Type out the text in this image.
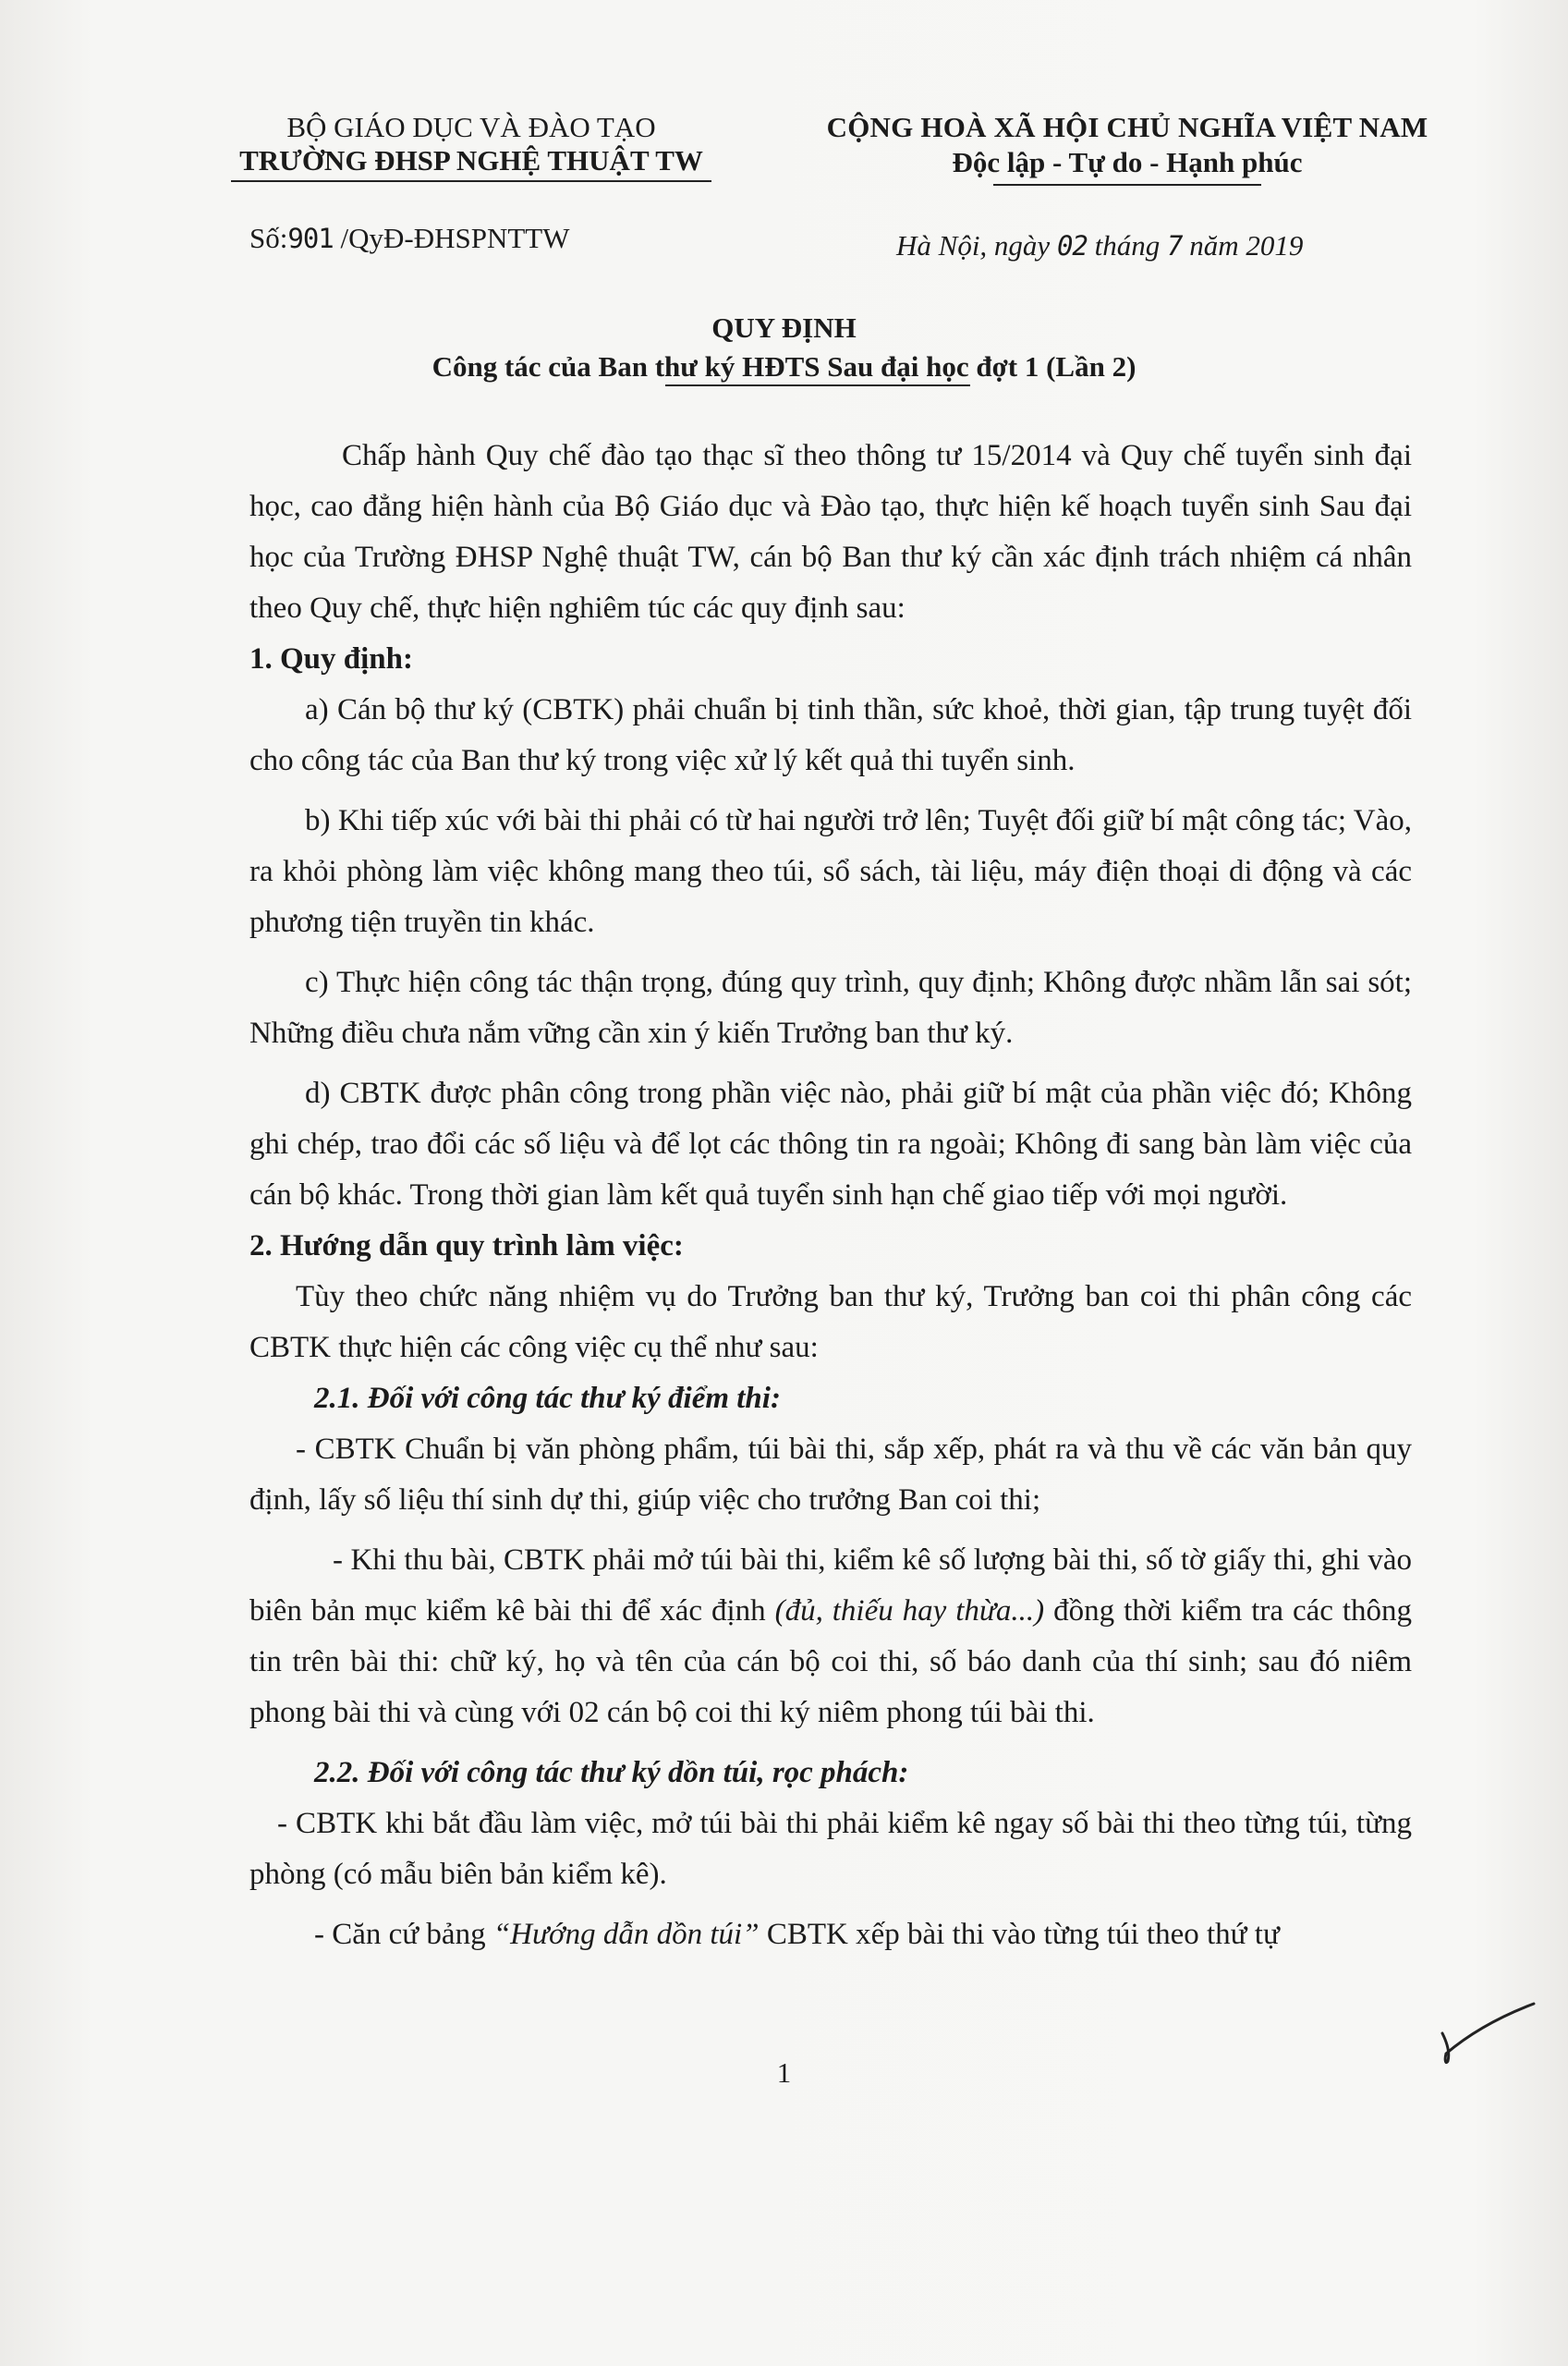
BỘ GIÁO DỤC VÀ ĐÀO TẠO
TRƯỜNG ĐHSP NGHỆ THUẬT TW
CỘNG HOÀ XÃ HỘI CHỦ NGHĨA VIỆT NAM
Độc lập - Tự do - Hạnh phúc
Số:901 /QyĐ-ĐHSPNTTW	Hà Nội, ngày 02 tháng 7 năm 2019
QUY ĐỊNH
Công tác của Ban thư ký HĐTS Sau đại học đợt 1 (Lần 2)

Chấp hành Quy chế đào tạo thạc sĩ theo thông tư 15/2014 và Quy chế tuyển sinh đại học, cao đẳng hiện hành của Bộ Giáo dục và Đào tạo, thực hiện kế hoạch tuyển sinh Sau đại học của Trường ĐHSP Nghệ thuật TW, cán bộ Ban thư ký cần xác định trách nhiệm cá nhân theo Quy chế, thực hiện nghiêm túc các quy định sau:

1. Quy định:

a) Cán bộ thư ký (CBTK) phải chuẩn bị tinh thần, sức khoẻ, thời gian, tập trung tuyệt đối cho công tác của Ban thư ký trong việc xử lý kết quả thi tuyển sinh.

b) Khi tiếp xúc với bài thi phải có từ hai người trở lên; Tuyệt đối giữ bí mật công tác; Vào, ra khỏi phòng làm việc không mang theo túi, sổ sách, tài liệu, máy điện thoại di động và các phương tiện truyền tin khác.

c) Thực hiện công tác thận trọng, đúng quy trình, quy định; Không được nhầm lẫn sai sót; Những điều chưa nắm vững cần xin ý kiến Trưởng ban thư ký.

d) CBTK được phân công trong phần việc nào, phải giữ bí mật của phần việc đó; Không ghi chép, trao đổi các số liệu và để lọt các thông tin ra ngoài; Không đi sang bàn làm việc của cán bộ khác. Trong thời gian làm kết quả tuyển sinh hạn chế giao tiếp với mọi người.

2. Hướng dẫn quy trình làm việc:

Tùy theo chức năng nhiệm vụ do Trưởng ban thư ký, Trưởng ban coi thi phân công các CBTK thực hiện các công việc cụ thể như sau:

2.1. Đối với công tác thư ký điểm thi:

- CBTK Chuẩn bị văn phòng phẩm, túi bài thi, sắp xếp, phát ra và thu về các văn bản quy định, lấy số liệu thí sinh dự thi, giúp việc cho trưởng Ban coi thi;

- Khi thu bài, CBTK phải mở túi bài thi, kiểm kê số lượng bài thi, số tờ giấy thi, ghi vào biên bản mục kiểm kê bài thi để xác định (đủ, thiếu hay thừa...) đồng thời kiểm tra các thông tin trên bài thi: chữ ký, họ và tên của cán bộ coi thi, số báo danh của thí sinh; sau đó niêm phong bài thi và cùng với 02 cán bộ coi thi ký niêm phong túi bài thi.

2.2. Đối với công tác thư ký dồn túi, rọc phách:

- CBTK khi bắt đầu làm việc, mở túi bài thi phải kiểm kê ngay số bài thi theo từng túi, từng phòng (có mẫu biên bản kiểm kê).

- Căn cứ bảng “Hướng dẫn dồn túi” CBTK xếp bài thi vào từng túi theo thứ tự

1
